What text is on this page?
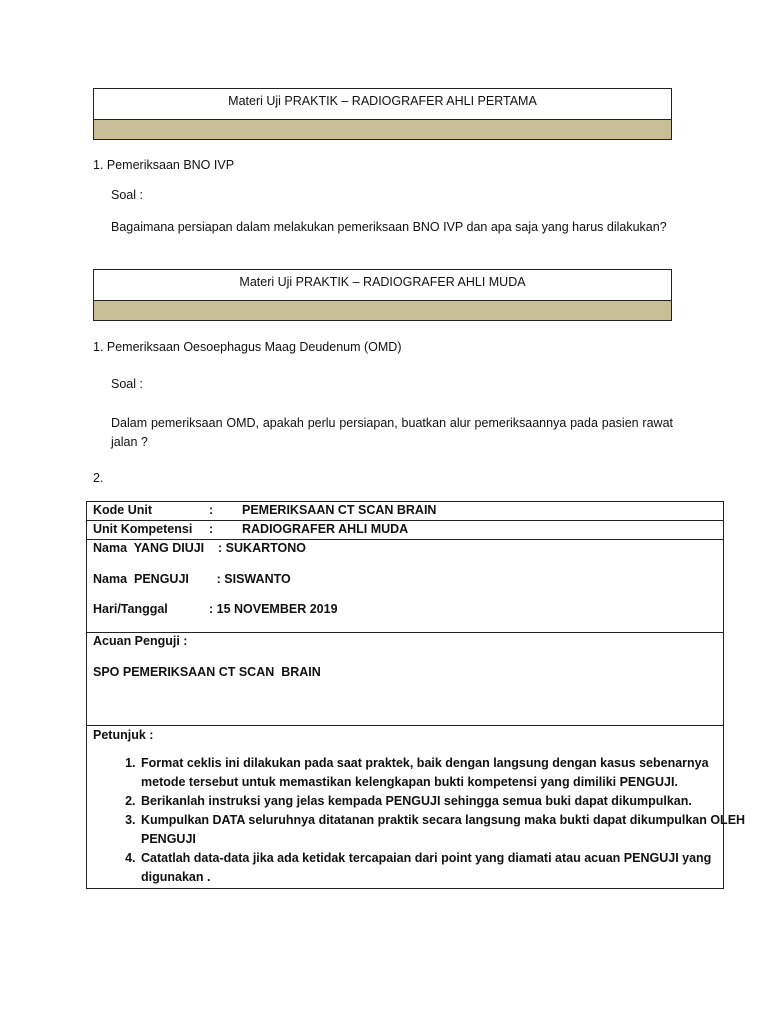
Materi Uji PRAKTIK – RADIOGRAFER AHLI PERTAMA
1. Pemeriksaan BNO IVP
Soal :
Bagaimana persiapan dalam melakukan pemeriksaan BNO IVP dan apa saja yang harus dilakukan?
Materi Uji PRAKTIK – RADIOGRAFER AHLI MUDA
1. Pemeriksaan Oesoephagus Maag Deudenum (OMD)
Soal :
Dalam pemeriksaan OMD, apakah perlu persiapan, buatkan alur pemeriksaannya pada pasien rawat jalan ?
2.
Kode Unit	: PEMERIKSAAN CT SCAN BRAIN
Unit Kompetensi : RADIOGRAFER AHLI MUDA
Nama  YANG DIUJI    : SUKARTONO
Nama  PENGUJI        : SISWANTO
Hari/Tanggal	: 15 NOVEMBER 2019
Acuan Penguji :
SPO PEMERIKSAAN CT SCAN  BRAIN
Petunjuk :
1. Format ceklis ini dilakukan pada saat praktek, baik dengan langsung dengan kasus sebenarnya metode tersebut untuk memastikan kelengkapan bukti kompetensi yang dimiliki PENGUJI.
2. Berikanlah instruksi yang jelas kempada PENGUJI sehingga semua buki dapat dikumpulkan.
3. Kumpulkan DATA seluruhnya ditatanan praktik secara langsung maka bukti dapat dikumpulkan OLEH PENGUJI
4. Catatlah data-data jika ada ketidak tercapaian dari point yang diamati atau acuan PENGUJI yang digunakan .
